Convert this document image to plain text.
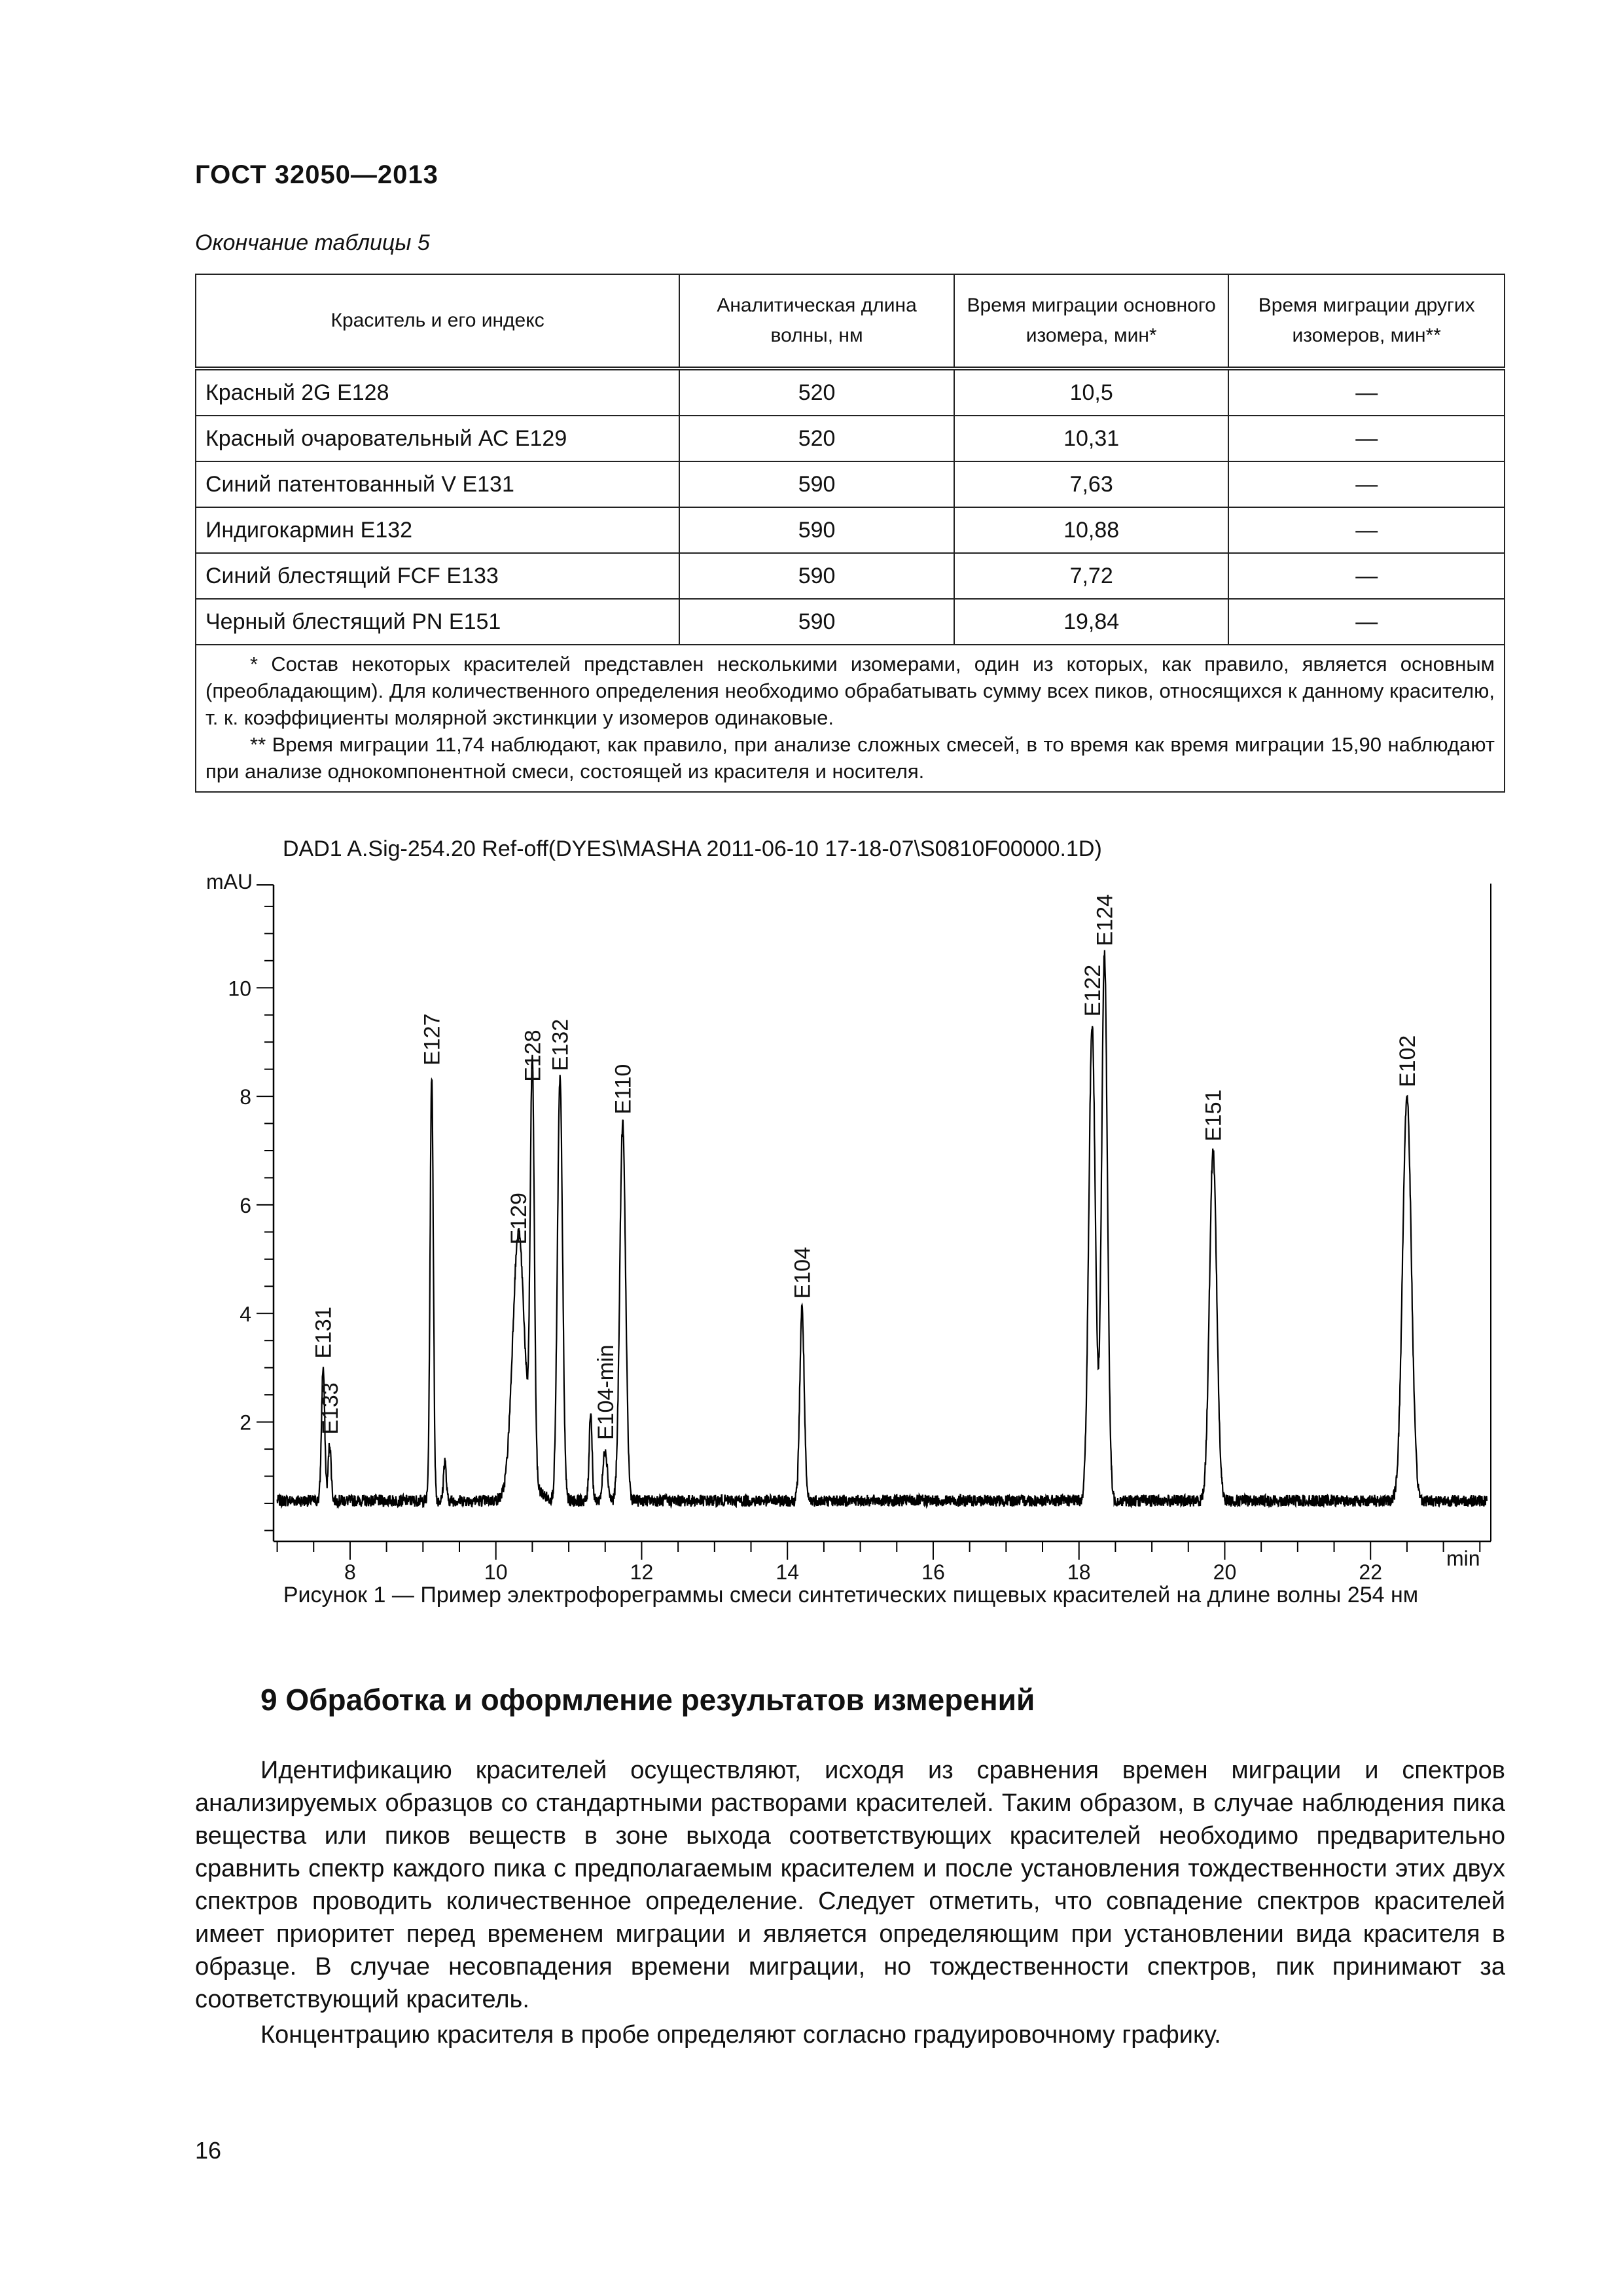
ГОСТ 32050—2013
Окончание таблицы 5
Краситель и его индекс	Аналитическая длина волны, нм	Время миграции основного изомера, мин*	Время миграции других изомеров, мин**
Красный 2G E128	520	10,5	—
Красный очаровательный АС E129	520	10,31	—
Синий патентованный V E131	590	7,63	—
Индигокармин E132	590	10,88	—
Синий блестящий FCF E133	590	7,72	—
Черный блестящий PN E151	590	19,84	—

* Состав некоторых красителей представлен несколькими изомерами, один из которых, как правило, является основным (преобладающим). Для количественного определения необходимо обрабатывать сумму всех пиков, относящихся к данному красителю, т. к. коэффициенты молярной экстинкции у изомеров одинаковые.

** Время миграции 11,74 наблюдают, как правило, при анализе сложных смесей, в то время как время миграции 15,90 наблюдают при анализе однокомпонентной смеси, состоящей из красителя и носителя.			

DAD1 A.Sig-254.20 Ref-off(DYES\MASHA 2011-06-10 17-18-07\S0810F00000.1D)
mAU
min
2
4
6
8
10
8	10	12	14	16	18	20	22
E131
E133
E127
E129
E128 E132
E104-min
E110
E104
E122
E124
E151
E102
Рисунок 1 — Пример электрофореграммы смеси синтетических пищевых красителей на длине волны 254 нм
9 Обработка и оформление результатов измерений

Идентификацию красителей осуществляют, исходя из сравнения времен миграции и спектров анализируемых образцов со стандартными растворами красителей. Таким образом, в случае наблюдения пика вещества или пиков веществ в зоне выхода соответствующих красителей необходимо предварительно сравнить спектр каждого пика с предполагаемым красителем и после установления тождественности этих двух спектров проводить количественное определение. Следует отметить, что совпадение спектров красителей имеет приоритет перед временем миграции и является определяющим при установлении вида красителя в образце. В случае несовпадения времени миграции, но тождественности спектров, пик принимают за соответствующий краситель.

Концентрацию красителя в пробе определяют согласно градуировочному графику.

16
